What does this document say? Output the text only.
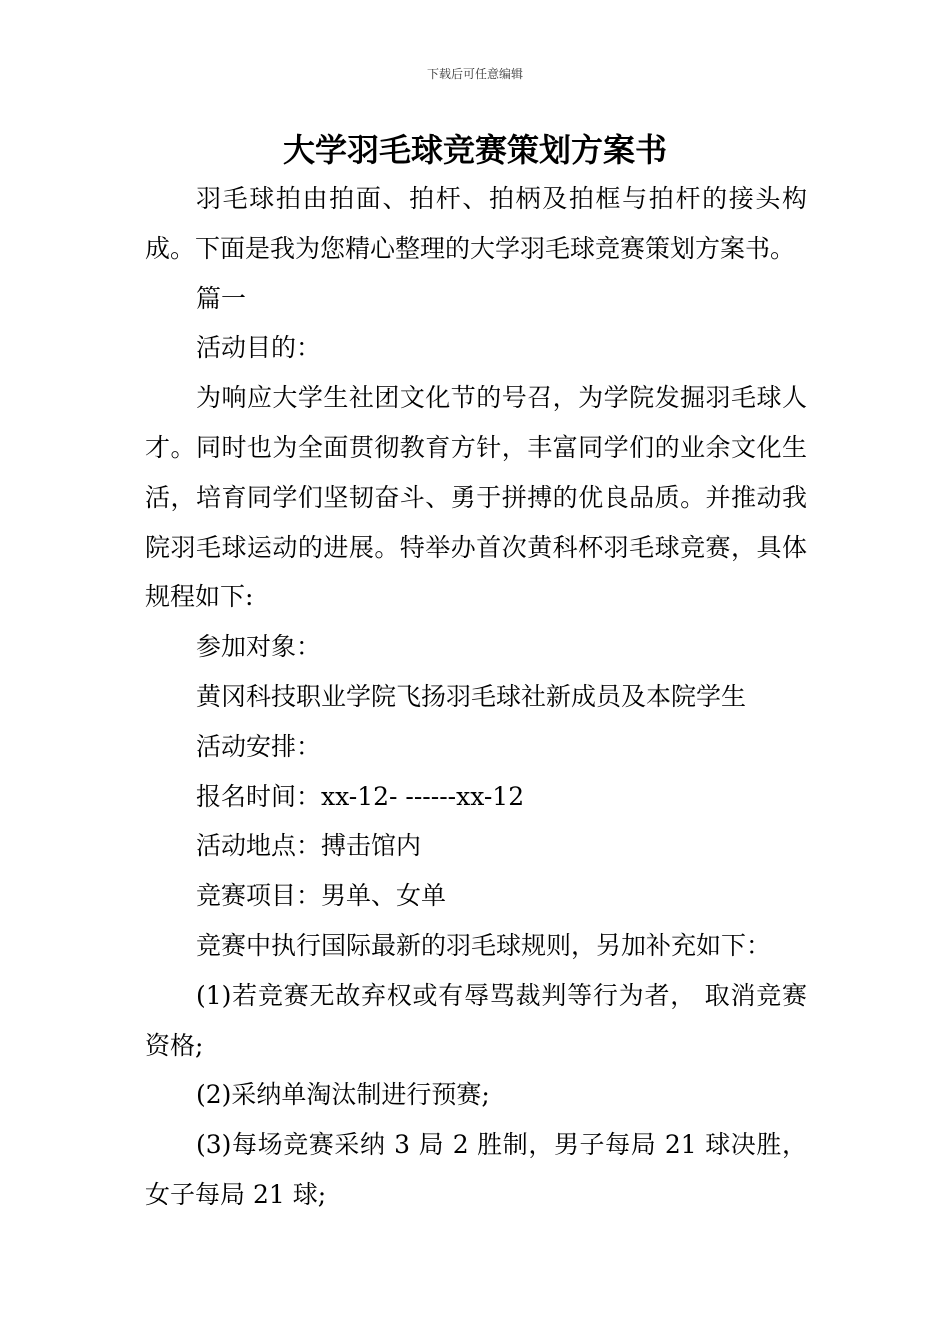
下载后可任意编辑
大学羽毛球竞赛策划方案书

羽毛球拍由拍面、拍杆、拍柄及拍框与拍杆的接头构成。下面是我为您精心整理的大学羽毛球竞赛策划方案书。

篇一

活动目的：

为响应大学生社团文化节的号召，为学院发掘羽毛球人才。同时也为全面贯彻教育方针，丰富同学们的业余文化生活，培育同学们坚韧奋斗、勇于拼搏的优良品质。并推动我院羽毛球运动的进展。特举办首次黄科杯羽毛球竞赛，具体规程如下:

参加对象：

黄冈科技职业学院飞扬羽毛球社新成员及本院学生

活动安排：

报名时间：xx-12- ------xx-12

活动地点：搏击馆内

竞赛项目：男单、女单

竞赛中执行国际最新的羽毛球规则，另加补充如下：

(1)若竞赛无故弃权或有辱骂裁判等行为者， 取消竞赛资格;

(2)采纳单淘汰制进行预赛;

(3)每场竞赛采纳 3 局 2 胜制，男子每局 21 球决胜，女子每局 21 球;
